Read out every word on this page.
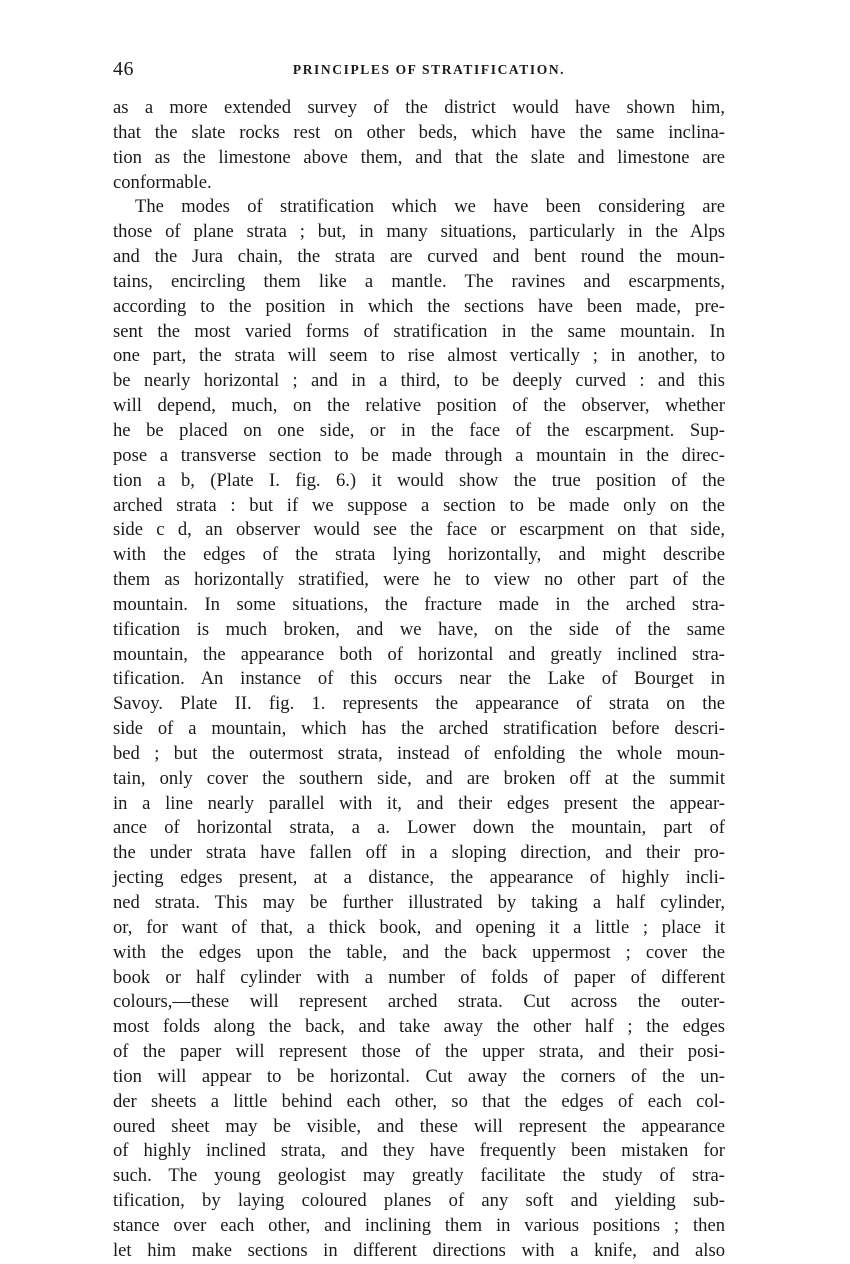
46	PRINCIPLES OF STRATIFICATION.
as a more extended survey of the district would have shown him,
that the slate rocks rest on other beds, which have the same inclina-
tion as the limestone above them, and that the slate and limestone are
conformable.
The modes of stratification which we have been considering are
those of plane strata ; but, in many situations, particularly in the Alps
and the Jura chain, the strata are curved and bent round the moun-
tains, encircling them like a mantle. The ravines and escarpments,
according to the position in which the sections have been made, pre-
sent the most varied forms of stratification in the same mountain. In
one part, the strata will seem to rise almost vertically ; in another, to
be nearly horizontal ; and in a third, to be deeply curved : and this
will depend, much, on the relative position of the observer, whether
he be placed on one side, or in the face of the escarpment. Sup-
pose a transverse section to be made through a mountain in the direc-
tion a b, (Plate I. fig. 6.) it would show the true position of the
arched strata : but if we suppose a section to be made only on the
side c d, an observer would see the face or escarpment on that side,
with the edges of the strata lying horizontally, and might describe
them as horizontally stratified, were he to view no other part of the
mountain. In some situations, the fracture made in the arched stra-
tification is much broken, and we have, on the side of the same
mountain, the appearance both of horizontal and greatly inclined stra-
tification. An instance of this occurs near the Lake of Bourget in
Savoy. Plate II. fig. 1. represents the appearance of strata on the
side of a mountain, which has the arched stratification before descri-
bed ; but the outermost strata, instead of enfolding the whole moun-
tain, only cover the southern side, and are broken off at the summit
in a line nearly parallel with it, and their edges present the appear-
ance of horizontal strata, a a. Lower down the mountain, part of
the under strata have fallen off in a sloping direction, and their pro-
jecting edges present, at a distance, the appearance of highly incli-
ned strata. This may be further illustrated by taking a half cylinder,
or, for want of that, a thick book, and opening it a little ; place it
with the edges upon the table, and the back uppermost ; cover the
book or half cylinder with a number of folds of paper of different
colours,—these will represent arched strata. Cut across the outer-
most folds along the back, and take away the other half ; the edges
of the paper will represent those of the upper strata, and their posi-
tion will appear to be horizontal. Cut away the corners of the un-
der sheets a little behind each other, so that the edges of each col-
oured sheet may be visible, and these will represent the appearance
of highly inclined strata, and they have frequently been mistaken for
such. The young geologist may greatly facilitate the study of stra-
tification, by laying coloured planes of any soft and yielding sub-
stance over each other, and inclining them in various positions ; then
let him make sections in different directions with a knife, and also
